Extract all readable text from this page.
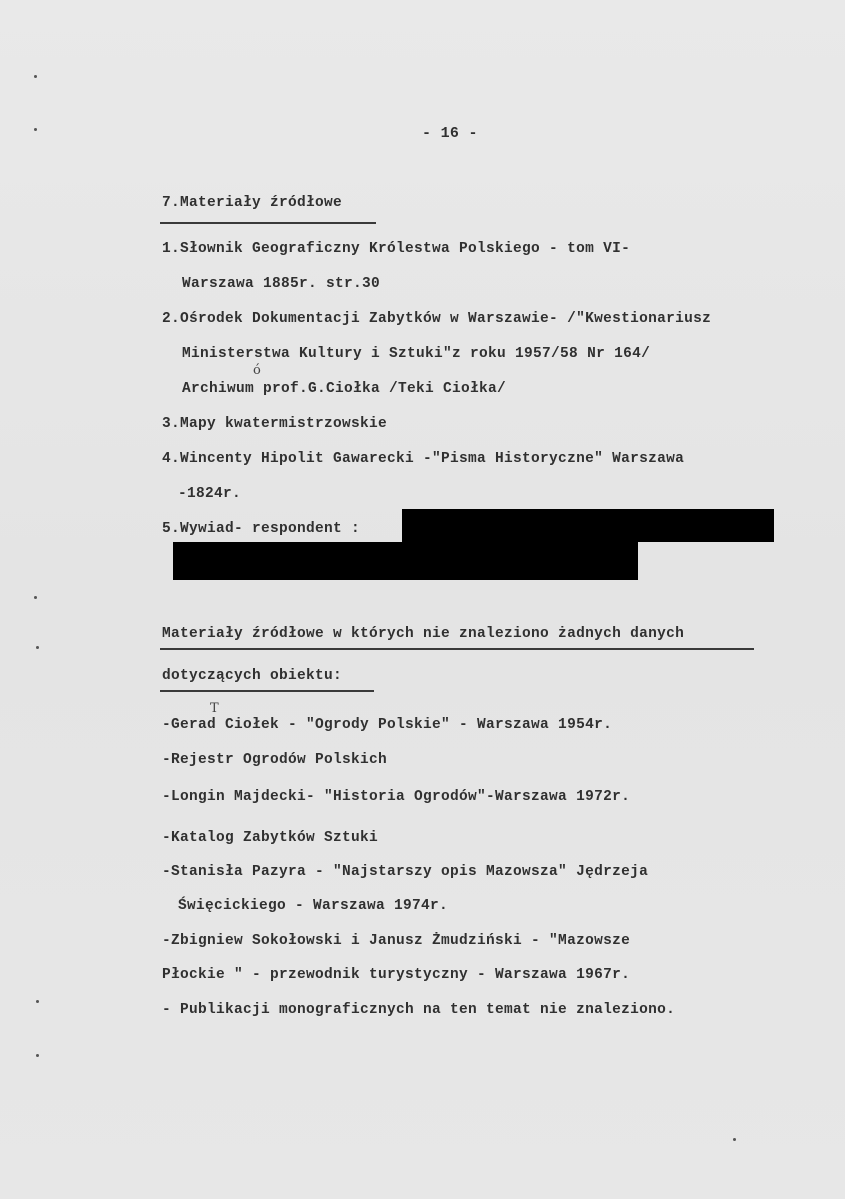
- 16 -
7.Materiały źródłowe
1.Słownik Geograficzny Królestwa Polskiego - tom VI-
Warszawa 1885r. str.30
2.Ośrodek Dokumentacji Zabytków w Warszawie- /"Kwestionariusz
Ministerstwa Kultury i Sztuki"z roku 1957/58 Nr 164/
Archiwum prof.G.Ciołka /Teki Ciołka/
3.Mapy kwatermistrzowskie
4.Wincenty Hipolit Gawarecki -"Pisma Historyczne" Warszawa
-1824r.
5.Wywiad- respondent :
ó
Materiały źródłowe w których nie znaleziono żadnych danych
dotyczących obiektu:
T
-Gerad Ciołek - "Ogrody Polskie" - Warszawa 1954r.
-Rejestr Ogrodów Polskich
-Longin Majdecki- "Historia Ogrodów"-Warszawa 1972r.
-Katalog Zabytków Sztuki
-Stanisła Pazyra - "Najstarszy opis Mazowsza" Jędrzeja
Święcickiego - Warszawa 1974r.
-Zbigniew Sokołowski i Janusz Żmudziński - "Mazowsze
Płockie " - przewodnik turystyczny - Warszawa 1967r.
- Publikacji monograficznych na ten temat nie znaleziono.
